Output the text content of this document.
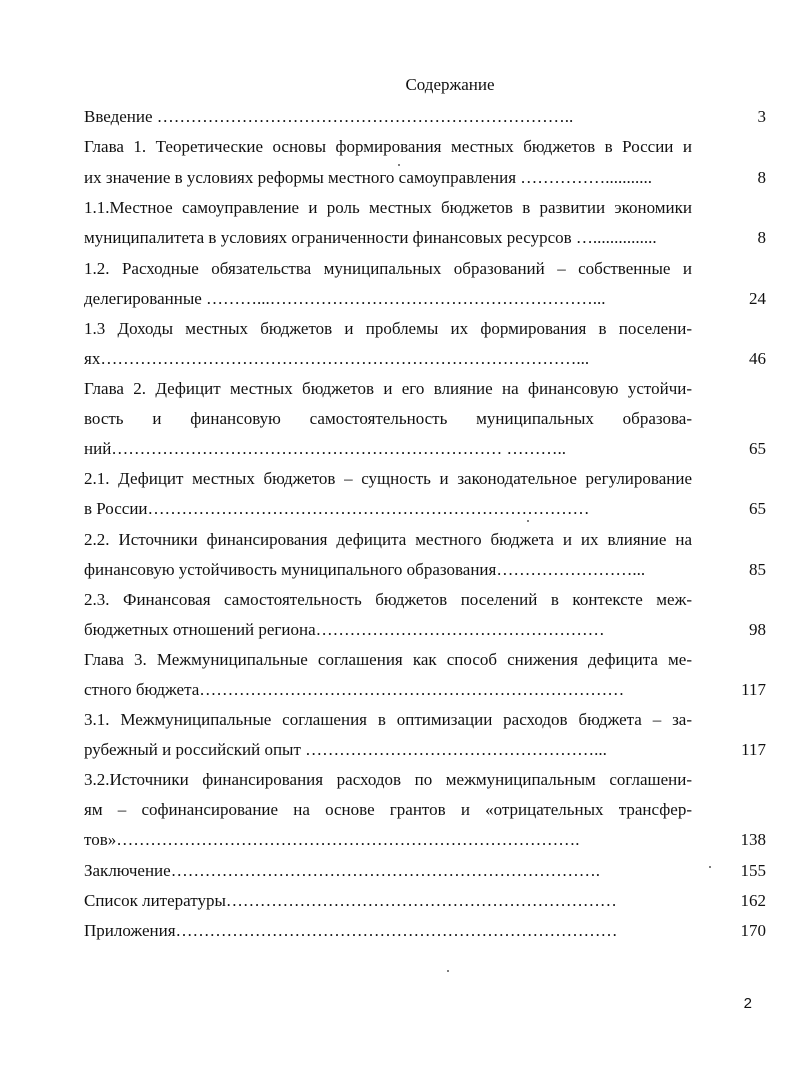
Содержание
Введение ………………………………………………………………..	3
Глава 1. Теоретические основы формирования местных бюджетов в России и
их значение в условиях реформы местного самоуправления ……………...........	8
1.1.Местное самоуправление и роль местных бюджетов в развитии экономики
муниципалитета в условиях ограниченности финансовых ресурсов …...............	8
1.2. Расходные обязательства муниципальных образований – собственные и
делегированные ………...…………………………………………………...	24
1.3 Доходы местных бюджетов и проблемы их формирования в поселени-
ях…………………………………………………………………………...	46
Глава 2. Дефицит местных бюджетов и его влияние на финансовую устойчи-
вость и финансовую самостоятельность муниципальных образова-
ний…………………………………………………………… ………..	65
2.1. Дефицит местных бюджетов – сущность и законодательное регулирование
в России……………………………………………………………………	65
2.2. Источники финансирования дефицита местного бюджета и их влияние на
финансовую устойчивость муниципального образования……………………...	85
2.3. Финансовая самостоятельность бюджетов поселений в контексте меж-
бюджетных отношений региона……………………………………………	98
Глава 3. Межмуниципальные соглашения как способ снижения дефицита ме-
стного бюджета…………………………………………………………………	117
3.1. Межмуниципальные соглашения в оптимизации расходов бюджета – за-
рубежный и российский опыт ……………………………………………...	117
3.2.Источники финансирования расходов по межмуниципальным соглашени-
ям – софинансирование на основе грантов и «отрицательных трансфер-
тов»……………………………………………………………………….	138
Заключение………………………………………………………………….	155
Список литературы……………………………………………………………	162
Приложения……………………………………………………………………	170
2
